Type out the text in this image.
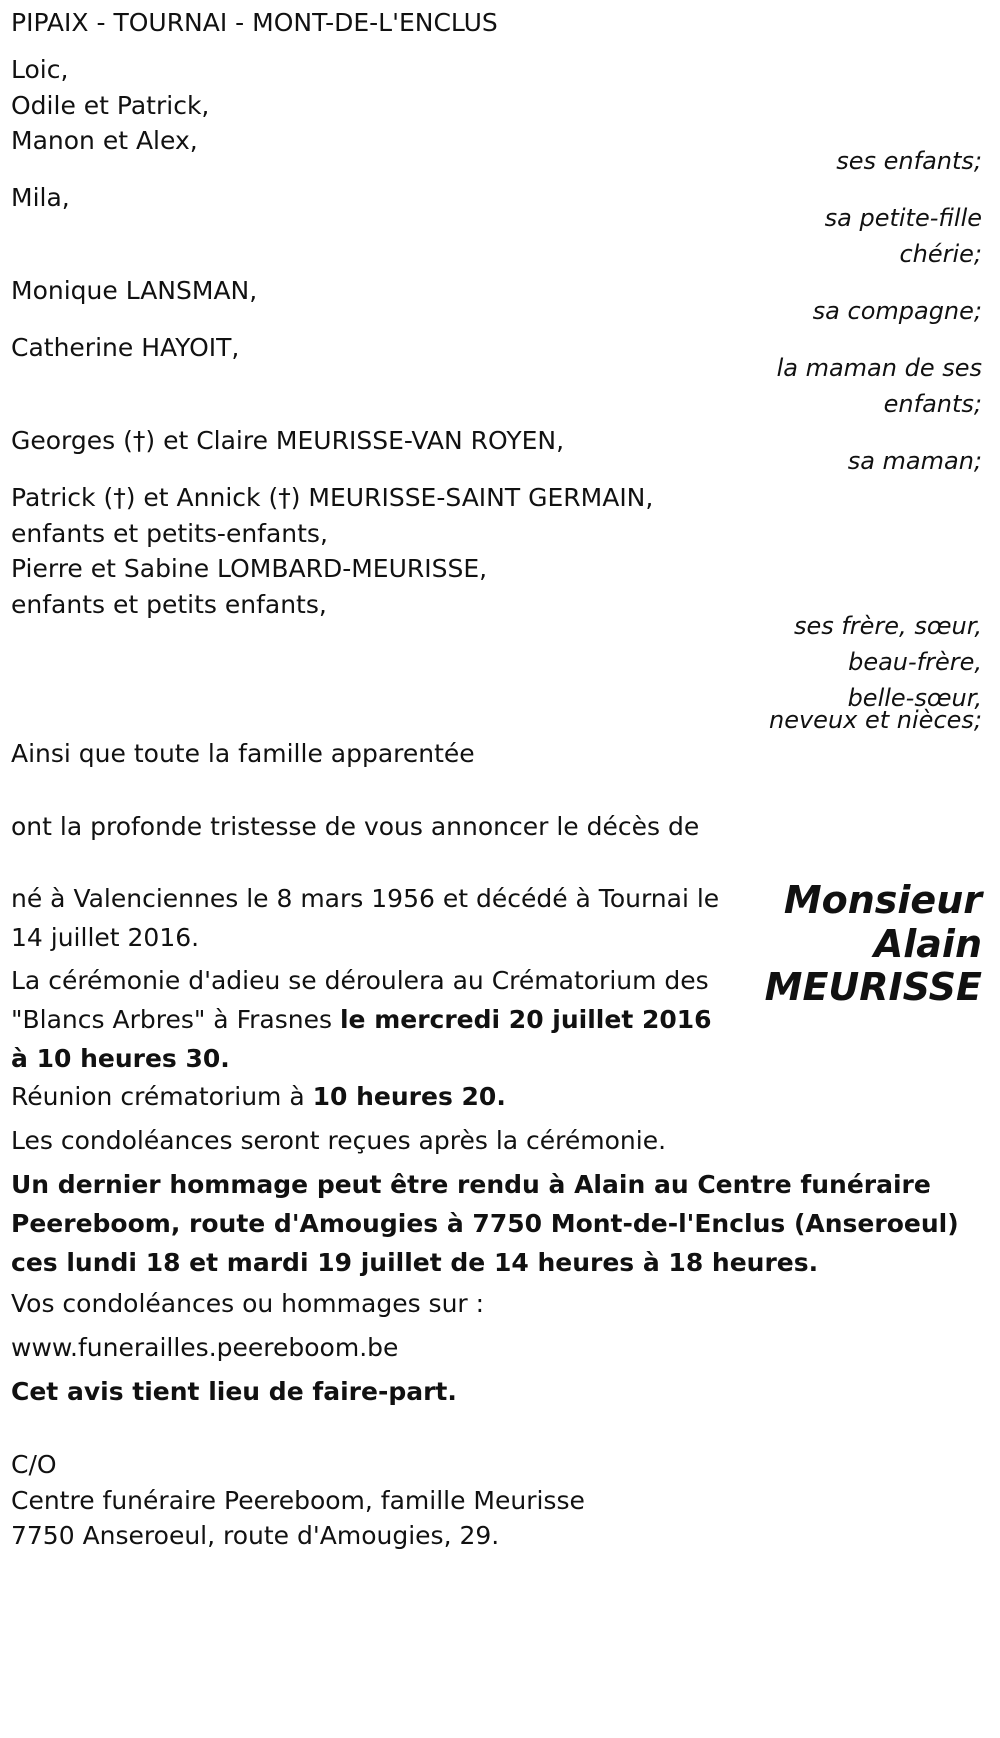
PIPAIX - TOURNAI - MONT-DE-L'ENCLUS
Loic,
Odile et Patrick,
Manon et Alex,
ses enfants;
Mila,
sa petite-fille
chérie;
Monique LANSMAN,
sa compagne;
Catherine HAYOIT,
la maman de ses
enfants;
Georges (†) et Claire MEURISSE-VAN ROYEN,
sa maman;
Patrick (†) et Annick (†) MEURISSE-SAINT GERMAIN,
enfants et petits-enfants,
Pierre et Sabine LOMBARD-MEURISSE,
enfants et petits enfants,
ses frère, sœur,
beau-frère,
belle-sœur,
neveux et nièces;
Ainsi que toute la famille apparentée
ont la profonde tristesse de vous annoncer le décès de
Monsieur
Alain
MEURISSE
né à Valenciennes le 8 mars 1956 et décédé à Tournai le 14 juillet 2016.
La cérémonie d'adieu se déroulera au Crématorium des "Blancs Arbres" à Frasnes le mercredi 20 juillet 2016 à 10 heures 30.
Réunion crématorium à 10 heures 20.
Les condoléances seront reçues après la cérémonie.
Un dernier hommage peut être rendu à Alain au Centre funéraire Peereboom, route d'Amougies à 7750 Mont-de-l'Enclus (Anseroeul) ces lundi 18 et mardi 19 juillet de 14 heures à 18 heures.
Vos condoléances ou hommages sur :
www.funerailles.peereboom.be
Cet avis tient lieu de faire-part.
C/O
Centre funéraire Peereboom, famille Meurisse
7750 Anseroeul, route d'Amougies, 29.
